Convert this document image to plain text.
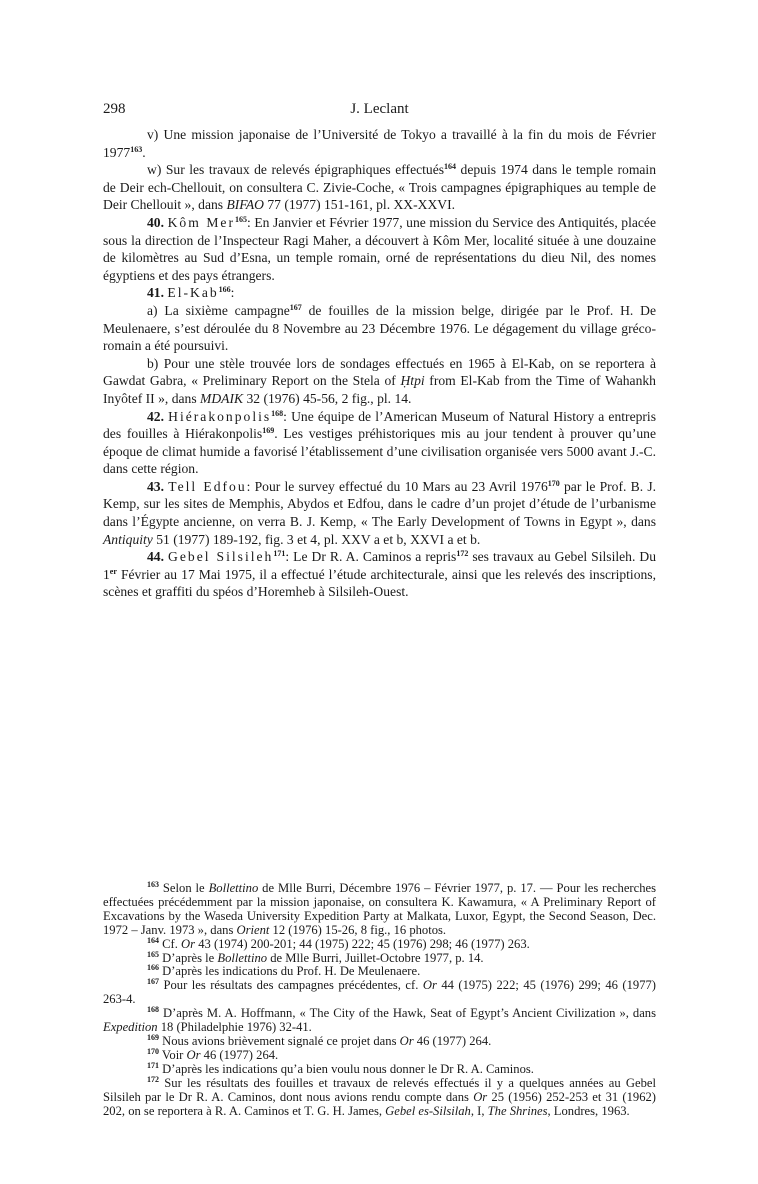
298	J. Leclant

v) Une mission japonaise de l’Université de Tokyo a travaillé à la fin du mois de Février 1977$^{163}$.

w) Sur les travaux de relevés épigraphiques effectués$^{164}$ depuis 1974 dans le temple romain de Deir ech-Chellouit, on consultera C. Zivie-Coche, « Trois campagnes épigraphiques au temple de Deir Chellouit », dans BIFAO 77 (1977) 151-161, pl. XX-XXVI.

40. Kôm Mer$^{165}$: En Janvier et Février 1977, une mission du Service des Antiquités, placée sous la direction de l’Inspecteur Ragi Maher, a découvert à Kôm Mer, localité située à une douzaine de kilomètres au Sud d’Esna, un temple romain, orné de représentations du dieu Nil, des nomes égyptiens et des pays étrangers.

41. El-Kab$^{166}$:

a) La sixième campagne$^{167}$ de fouilles de la mission belge, dirigée par le Prof. H. De Meulenaere, s’est déroulée du 8 Novembre au 23 Décembre 1976. Le dégagement du village gréco-romain a été poursuivi.

b) Pour une stèle trouvée lors de sondages effectués en 1965 à El-Kab, on se reportera à Gawdat Gabra, « Preliminary Report on the Stela of Ḥtpi from El-Kab from the Time of Wahankh Inyôtef II », dans MDAIK 32 (1976) 45-56, 2 fig., pl. 14.

42. Hiérakonpolis$^{168}$: Une équipe de l’American Museum of Natural History a entrepris des fouilles à Hiérakonpolis$^{169}$. Les vestiges préhistoriques mis au jour tendent à prouver qu’une époque de climat humide a favorisé l’établissement d’une civilisation organisée vers 5000 avant J.-C. dans cette région.

43. Tell Edfou: Pour le survey effectué du 10 Mars au 23 Avril 1976$^{170}$ par le Prof. B. J. Kemp, sur les sites de Memphis, Abydos et Edfou, dans le cadre d’un projet d’étude de l’urbanisme dans l’Égypte ancienne, on verra B. J. Kemp, « The Early Development of Towns in Egypt », dans Antiquity 51 (1977) 189-192, fig. 3 et 4, pl. XXV a et b, XXVI a et b.

44. Gebel Silsileh$^{171}$: Le Dr R. A. Caminos a repris$^{172}$ ses travaux au Gebel Silsileh. Du 1er Février au 17 Mai 1975, il a effectué l’étude architecturale, ainsi que les relevés des inscriptions, scènes et graffiti du spéos d’Horemheb à Silsileh-Ouest.

$^{163}$ Selon le Bollettino de Mlle Burri, Décembre 1976 – Février 1977, p. 17. — Pour les recherches effectuées précédemment par la mission japonaise, on consultera K. Kawamura, « A Preliminary Report of Excavations by the Waseda University Expedition Party at Malkata, Luxor, Egypt, the Second Season, Dec. 1972 – Janv. 1973 », dans Orient 12 (1976) 15-26, 8 fig., 16 photos.

$^{164}$ Cf. Or 43 (1974) 200-201; 44 (1975) 222; 45 (1976) 298; 46 (1977) 263.

$^{165}$ D’après le Bollettino de Mlle Burri, Juillet-Octobre 1977, p. 14.

$^{166}$ D’après les indications du Prof. H. De Meulenaere.

$^{167}$ Pour les résultats des campagnes précédentes, cf. Or 44 (1975) 222; 45 (1976) 299; 46 (1977) 263-4.

$^{168}$ D’après M. A. Hoffmann, « The City of the Hawk, Seat of Egypt’s Ancient Civilization », dans Expedition 18 (Philadelphie 1976) 32-41.

$^{169}$ Nous avions brièvement signalé ce projet dans Or 46 (1977) 264.

$^{170}$ Voir Or 46 (1977) 264.

$^{171}$ D’après les indications qu’a bien voulu nous donner le Dr R. A. Caminos.

$^{172}$ Sur les résultats des fouilles et travaux de relevés effectués il y a quelques années au Gebel Silsileh par le Dr R. A. Caminos, dont nous avions rendu compte dans Or 25 (1956) 252-253 et 31 (1962) 202, on se reportera à R. A. Caminos et T. G. H. James, Gebel es-Silsilah, I, The Shrines, Londres, 1963.
